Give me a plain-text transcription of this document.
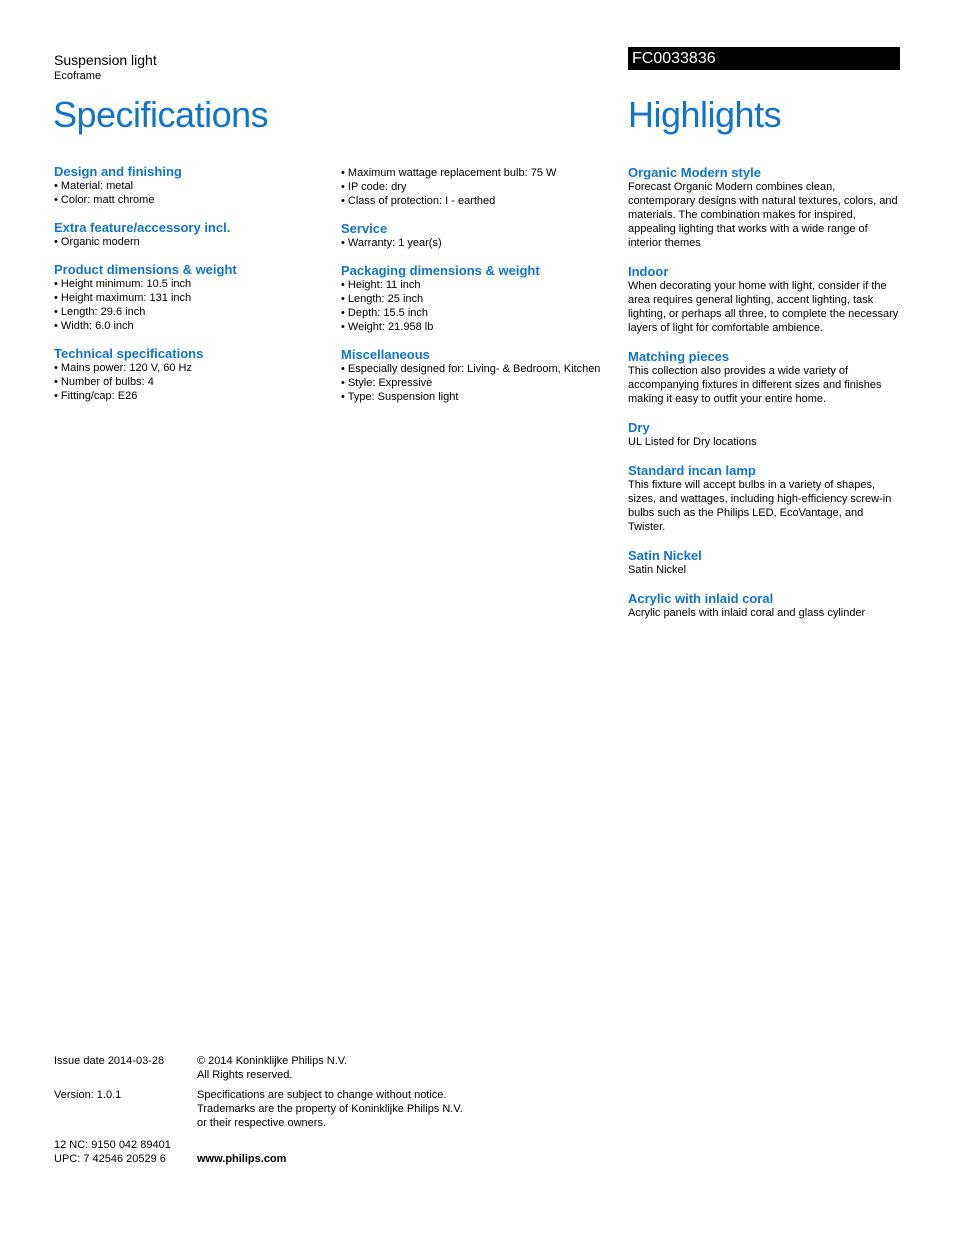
Suspension light
Ecoframe
FC0033836
Specifications	Highlights
Design and finishing
• Material: metal
• Color: matt chrome
Extra feature/accessory incl.
• Organic modern
Product dimensions & weight
• Height minimum: 10.5 inch
• Height maximum: 131 inch
• Length: 29.6 inch
• Width: 6.0 inch
Technical specifications
• Mains power: 120 V, 60 Hz
• Number of bulbs: 4
• Fitting/cap: E26
• Maximum wattage replacement bulb: 75 W
• IP code: dry
• Class of protection: I - earthed
Service
• Warranty: 1 year(s)
Packaging dimensions & weight
• Height: 11 inch
• Length: 25 inch
• Depth: 15.5 inch
• Weight: 21.958 lb
Miscellaneous
• Especially designed for: Living- & Bedroom, Kitchen
• Style: Expressive
• Type: Suspension light
Organic Modern style
Forecast Organic Modern combines clean, contemporary designs with natural textures, colors, and materials. The combination makes for inspired, appealing lighting that works with a wide range of interior themes
Indoor
When decorating your home with light, consider if the area requires general lighting, accent lighting, task lighting, or perhaps all three, to complete the necessary layers of light for comfortable ambience.
Matching pieces
This collection also provides a wide variety of accompanying fixtures in different sizes and finishes making it easy to outfit your entire home.
Dry
UL Listed for Dry locations
Standard incan lamp
This fixture will accept bulbs in a variety of shapes, sizes, and wattages, including high-efficiency screw-in bulbs such as the Philips LED, EcoVantage, and Twister.
Satin Nickel
Satin Nickel
Acrylic with inlaid coral
Acrylic panels with inlaid coral and glass cylinder
Issue date 2014-03-28	© 2014 Koninklijke Philips N.V.
All Rights reserved.
Version: 1.0.1	Specifications are subject to change without notice.
Trademarks are the property of Koninklijke Philips N.V.
or their respective owners.
12 NC: 9150 042 89401
UPC: 7 42546 20529 6	www.philips.com
